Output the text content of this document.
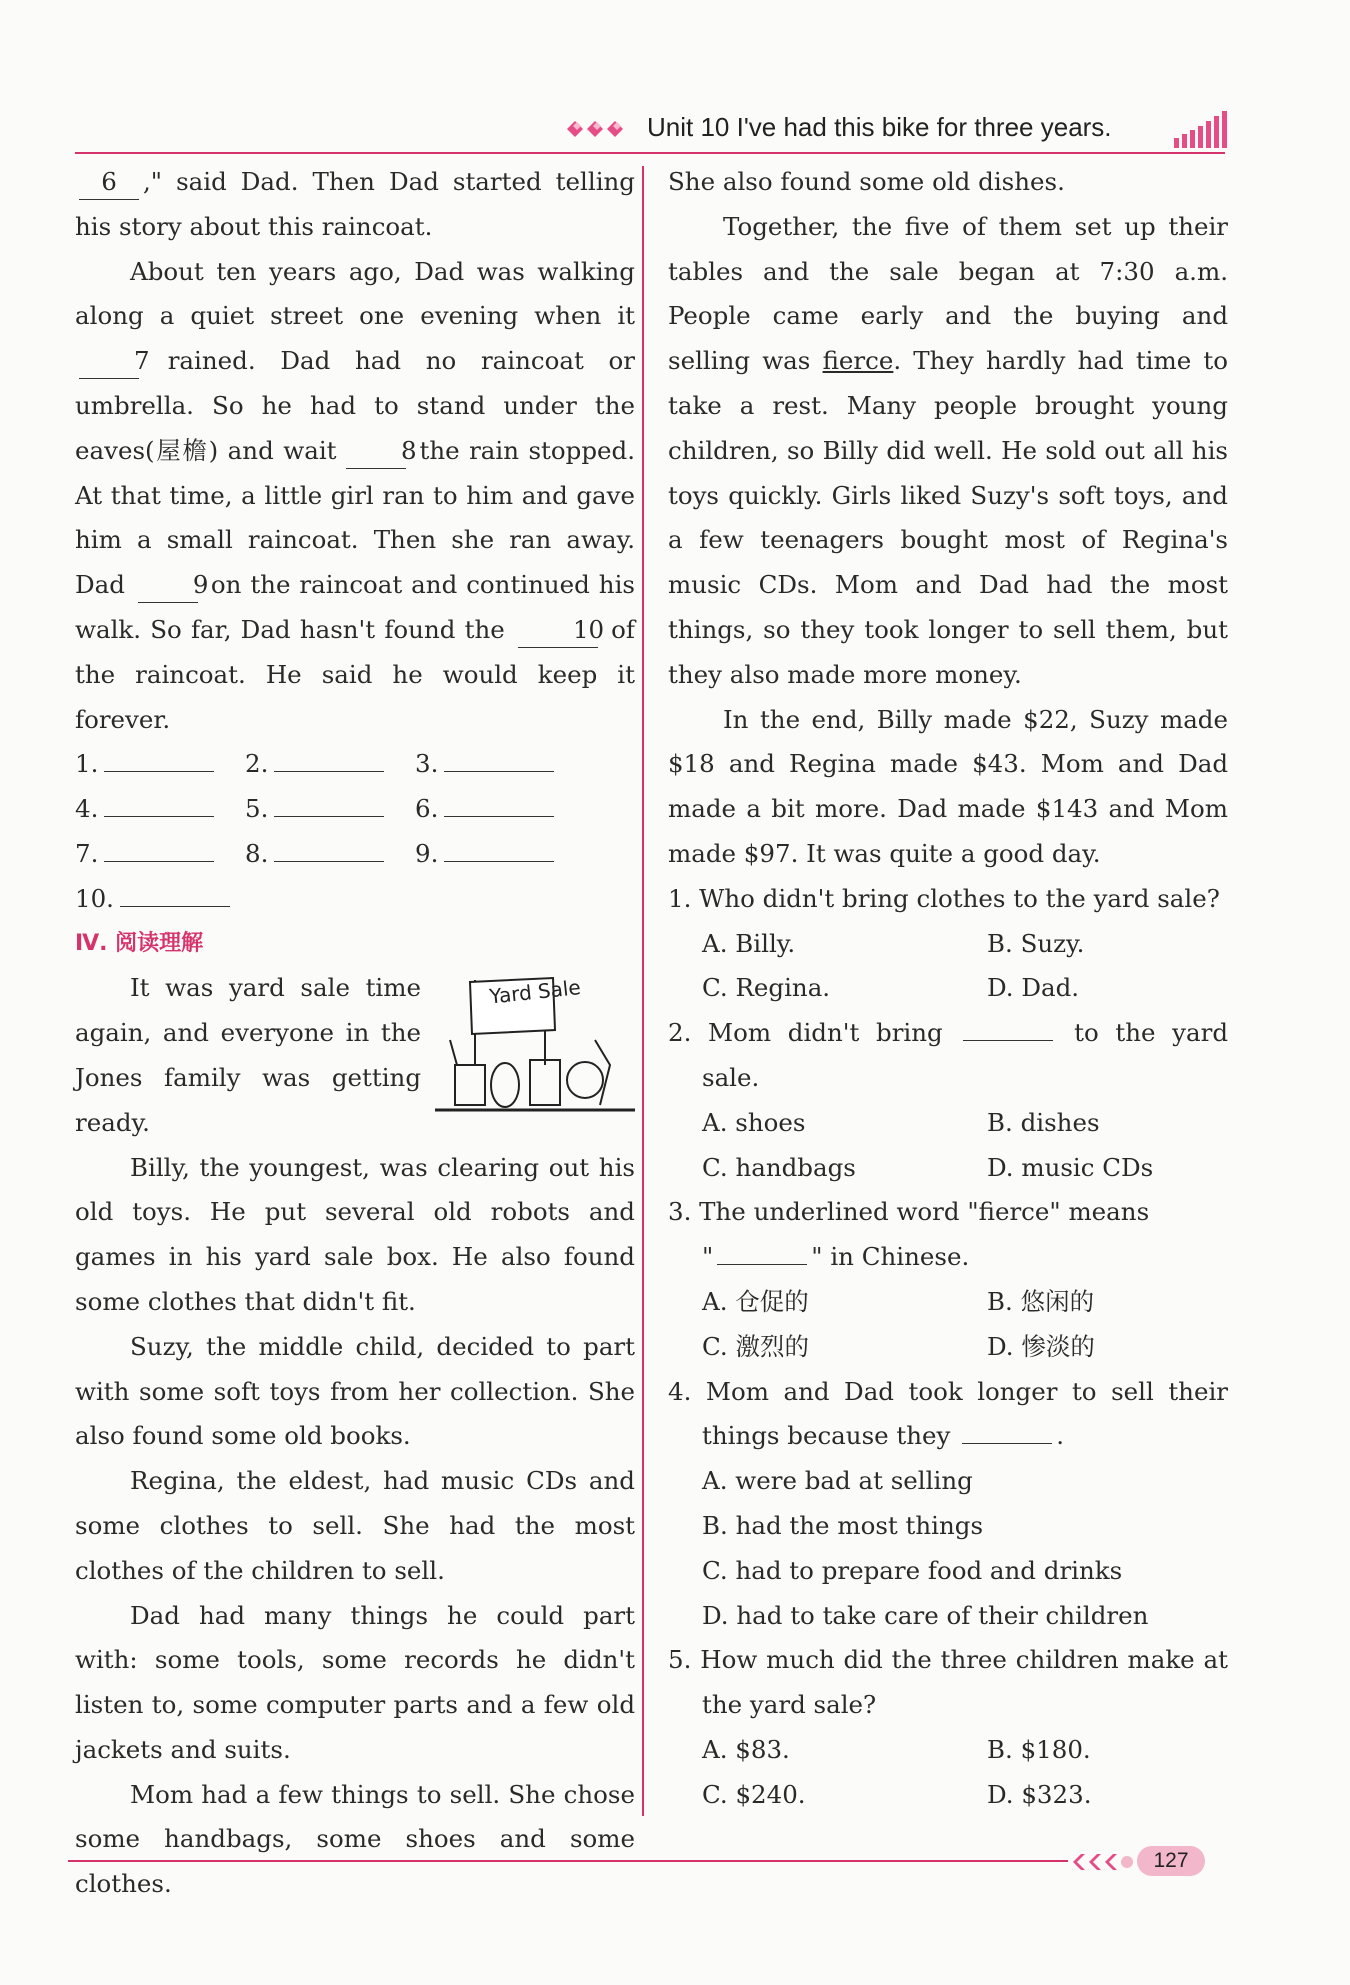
Unit 10 I've had this bike for three years.

6 ," said Dad. Then Dad started telling his story about this raincoat.

About ten years ago, Dad was walking along a quiet street one evening when it 7 rained. Dad had no raincoat or umbrella. So he had to stand under the eaves(屋檐) and wait	8 the rain stopped. At that time, a little girl ran to him and gave him a small raincoat. Then she ran away. Dad	9 on the raincoat and continued his walk. So far, Dad hasn't found the	10 of the raincoat. He said he would keep it forever.

1.	2.	3.
4.	5.	6.
7.	8.	9.
10.
Ⅳ. 阅读理解
Yard Sale

It was yard sale time again, and everyone in the Jones family was getting ready.

Billy, the youngest, was clearing out his old toys. He put several old robots and games in his yard sale box. He also found some clothes that didn't fit.

Suzy, the middle child, decided to part with some soft toys from her collection. She also found some old books.

Regina, the eldest, had music CDs and some clothes to sell. She had the most clothes of the children to sell.

Dad had many things he could part with: some tools, some records he didn't listen to, some computer parts and a few old jackets and suits.

Mom had a few things to sell. She chose some handbags, some shoes and some clothes.

She also found some old dishes.

Together, the five of them set up their tables and the sale began at 7:30 a.m. People came early and the buying and selling was fierce. They hardly had time to take a rest. Many people brought young children, so Billy did well. He sold out all his toys quickly. Girls liked Suzy's soft toys, and a few teenagers bought most of Regina's music CDs. Mom and Dad had the most things, so they took longer to sell them, but they also made more money.

In the end, Billy made $22, Suzy made $18 and Regina made $43. Mom and Dad made a bit more. Dad made $143 and Mom made $97. It was quite a good day.

1. Who didn't bring clothes to the yard sale?

A. Billy.	B. Suzy.
C. Regina.	D. Dad.

2. Mom didn't bring	to the yard sale.

A. shoes	B. dishes
C. handbags	D. music CDs

3. The underlined word "fierce" means
"	" in Chinese.

A. 仓促的	B. 悠闲的
C. 激烈的	D. 惨淡的

4. Mom and Dad took longer to sell their things because they	.

A. were bad at selling
B. had the most things
C. had to prepare food and drinks
D. had to take care of their children

5. How much did the three children make at the yard sale?

A. $83.	B. $180.
C. $240.	D. $323.
127
